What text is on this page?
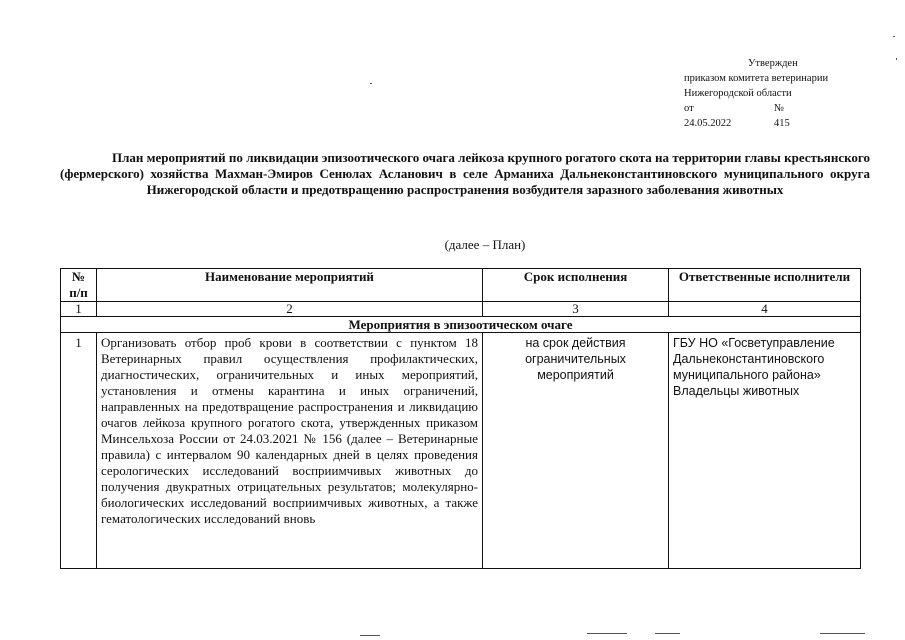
Утвержден
приказом комитета ветеринарии
Нижегородской области
от	№
24.05.2022	415

План мероприятий по ликвидации эпизоотического очага лейкоза крупного рогатого скота на территории главы крестьянского (фермерского) хозяйства Махман-Эмиров Сенюлах Асланович в селе Арманиха Дальнеконстантиновского муниципального округа Нижегородской области и предотвращению распространения возбудителя заразного заболевания животных

(далее – План)
№ п/п	Наименование мероприятий	Срок исполнения	Ответственные исполнители
1	2	3	4
Мероприятия в эпизоотическом очаге			
1	Организовать отбор проб крови в соответствии с пунктом 18 Ветеринарных правил осуществления профилактических, диагностических, ограничительных и иных мероприятий, установления и отмены карантина и иных ограничений, направленных на предотвращение распространения и ликвидацию очагов лейкоза крупного рогатого скота, утвержденных приказом Минсельхоза России от 24.03.2021 № 156 (далее – Ветеринарные правила) с интервалом 90 календарных дней в целях проведения серологических исследований восприимчивых животных до получения двукратных отрицательных результатов; молекулярно-биологических исследований восприимчивых животных, а также гематологических исследований вновь	на срок действия ограничительных мероприятий	ГБУ НО «Госветуправление Дальнеконстантиновского муниципального района» Владельцы животных
